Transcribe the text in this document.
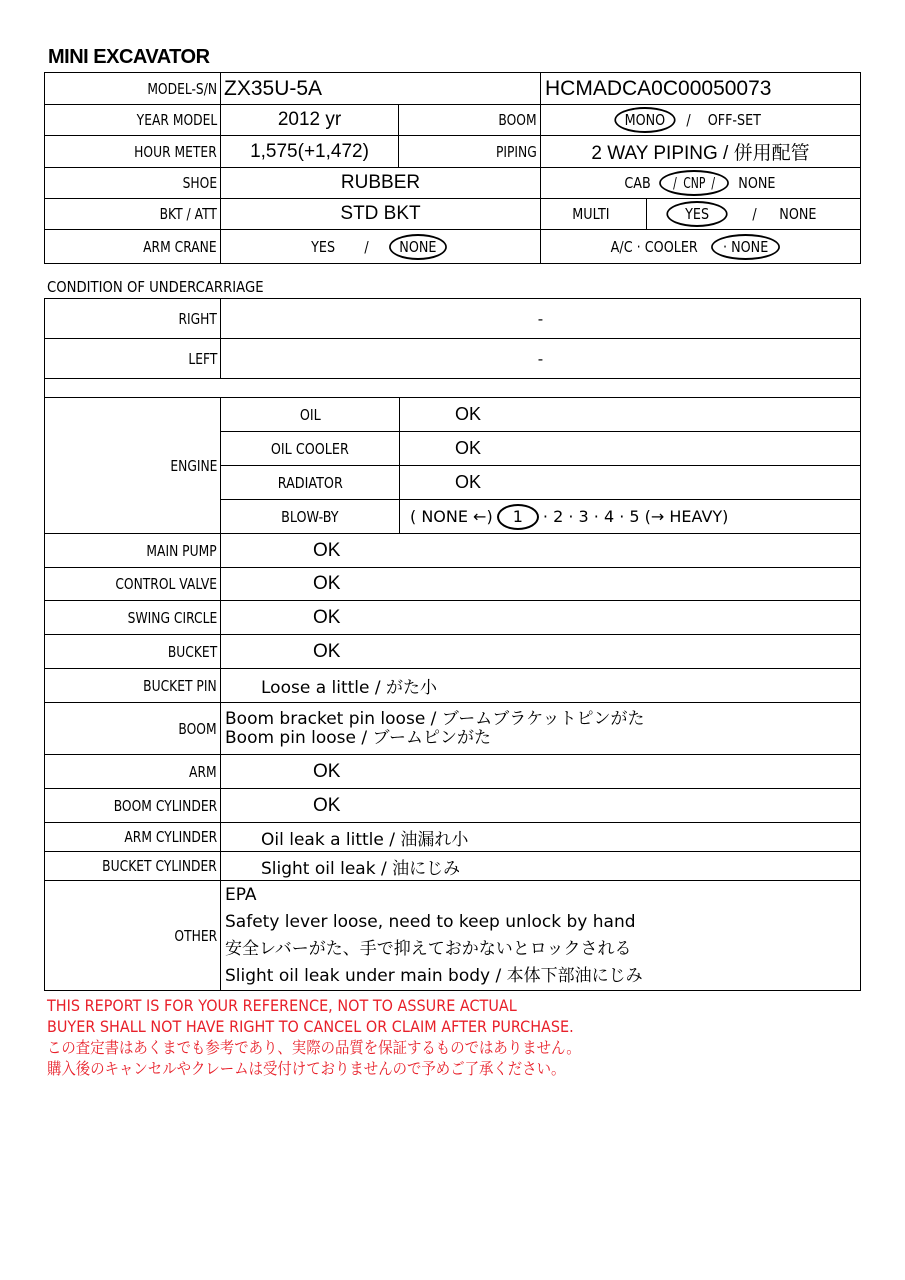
MINI EXCAVATOR
MODEL-S/N	ZX35U-5A		HCMADCA0C00050073	
YEAR MODEL	2012 yr	BOOM	MONO / OFF-SET	
HOUR METER	1,575(+1,472)	PIPING	2 WAY PIPING / 併用配管	
SHOE	RUBBER		CAB / CNP / NONE	
BKT / ATT	STD BKT		MULTI	YES / NONE
ARM CRANE	YES / NONE		A/C · COOLER · NONE	
CONDITION OF UNDERCARRIAGE
RIGHT	-
LEFT	-

ENGINE	OIL	OK
	OIL COOLER	OK
	RADIATOR	OK
	BLOW-BY	( NONE ←) 1 · 2 · 3 · 4 · 5 (→ HEAVY)
MAIN PUMP	OK	
CONTROL VALVE	OK	
SWING CIRCLE	OK	
BUCKET	OK	
BUCKET PIN	Loose a little / がた小	
BOOM	Boom bracket pin loose / ブームブラケットピンがた
Boom pin loose / ブームピンがた	

ARM	OK	
BOOM CYLINDER	OK	
ARM CYLINDER	Oil leak a little / 油漏れ小	
BUCKET CYLINDER	Slight oil leak / 油にじみ	
OTHER	EPA
Safety lever loose, need to keep unlock by hand
安全レバーがた、手で抑えておかないとロックされる
Slight oil leak under main body / 本体下部油にじみ	
THIS REPORT IS FOR YOUR REFERENCE, NOT TO ASSURE ACTUAL
BUYER SHALL NOT HAVE RIGHT TO CANCEL OR CLAIM AFTER PURCHASE.
この査定書はあくまでも参考であり、実際の品質を保証するものではありません。
購入後のキャンセルやクレームは受付けておりませんので予めご了承ください。
